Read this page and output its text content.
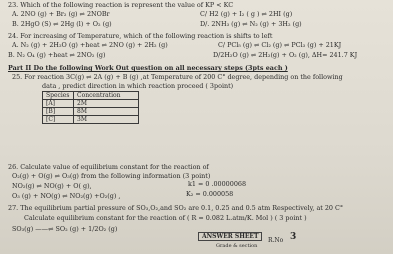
23. Which of the following reaction is represent the value of KP < KC
A. 2NO (g) + Br₂ (g) ⇌ 2NOBr	C/ H2 (g) + I₂ ( g ) ⇌ 2HI (g)
B. 2HgO (S) ⇌ 2Hg (l) + O₂ (g)	D/. 2NH₃ (g) ⇌ N₂ (g) + 3H₂ (g)
24. For increasing of Temperature, which of the following reaction is shifts to left
A. N₂ (g) + 2H₂O (g) +heat ⇌ 2NO (g) + 2H₂ (g)	C/ PCl₅ (g) ⇌ Cl₂ (g) ⇌ PCl₃ (g) + 21KJ
B. N₂ O₄ (g) +heat ⇌ 2NO₂ (g)	D/2H₂O (g) ⇌ 2H₂(g) + O₂ (g), ΔH= 241.7 KJ
Part II Do the following Work Out question on all necessary steps (3pts each )
25. For reaction 3C(g) ⇌ 2A (g) + B (g) ,at Temperature of 200 C° degree, depending on the following
data , predict direction in which reaction proceed ( 3point)
Species	Concentration
[A]	2M
[B]	8M
[C]	3M
26. Calculate value of equilibrium constant for the reaction of
O₂(g) + O(g) ⇌ O₃(g) from the following information (3 point)
NO₂(g) ⇌ NO(g) + O( g),	k1 = 0 .00000068
O₃ (g) + NO(g) ⇌ NO₂(g) +O₂(g) ,	K₂ = 0.000058
27. The equilibrium partial pressure of SO₃,O₂,and SO₂ are 0.1, 0.25 and 0.5 atm Respectively, at 20 C°
Calculate equilibrium constant for the reaction of ( R = 0.082 L.atm/K. Mol ) ( 3 point )
SO₃(g) ——⇌ SO₂ (g) + 1/2O₂ (g)
ANSWER SHEET
Grade & section
R.No 3
